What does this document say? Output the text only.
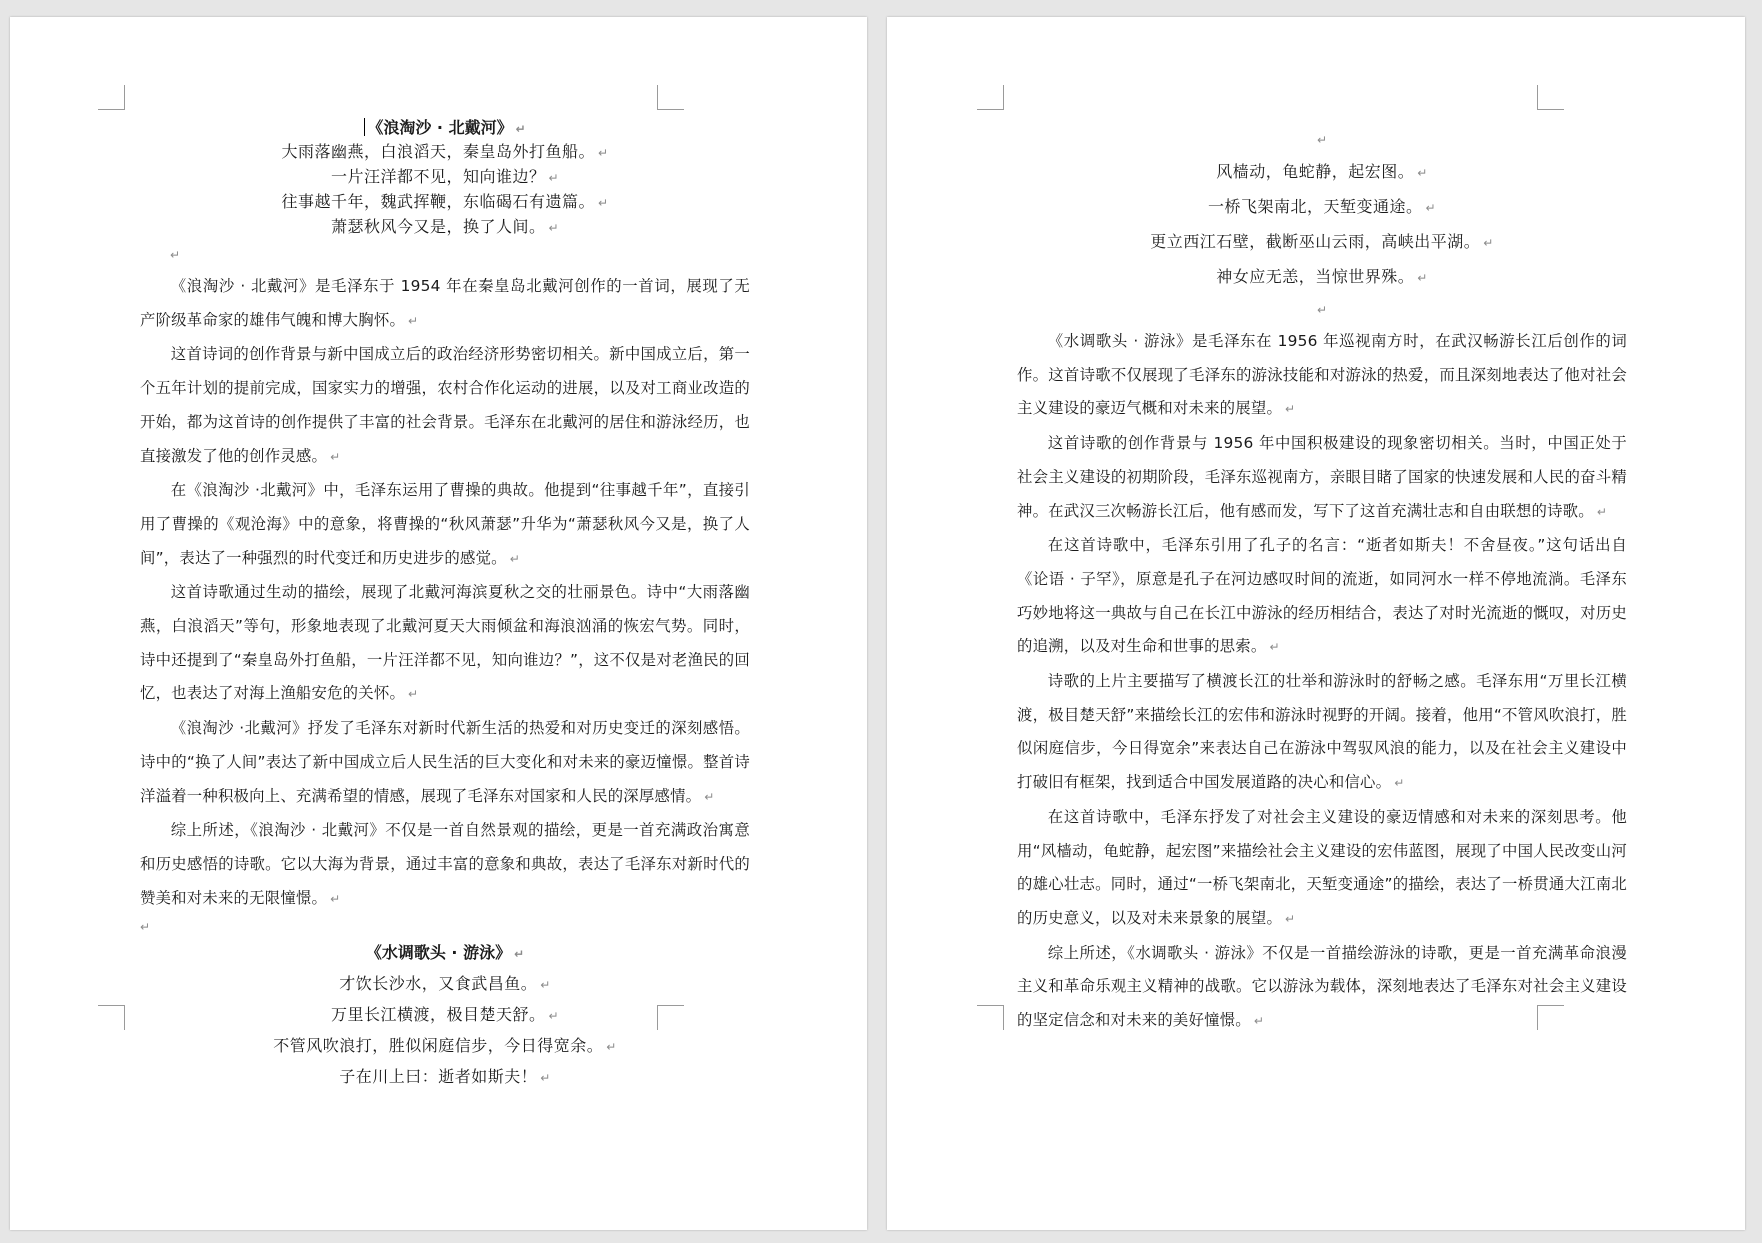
《浪淘沙 · 北戴河》 ↵
大雨落幽燕，白浪滔天，秦皇岛外打鱼船。 ↵
一片汪洋都不见，知向谁边？ ↵
往事越千年，魏武挥鞭，东临碣石有遗篇。 ↵
萧瑟秋风今又是，换了人间。 ↵
↵

《浪淘沙 · 北戴河》是毛泽东于 1954 年在秦皇岛北戴河创作的一首词，展现了无产阶级革命家的雄伟气魄和博大胸怀。 ↵

这首诗词的创作背景与新中国成立后的政治经济形势密切相关。新中国成立后，第一个五年计划的提前完成，国家实力的增强，农村合作化运动的进展，以及对工商业改造的开始，都为这首诗的创作提供了丰富的社会背景。毛泽东在北戴河的居住和游泳经历，也直接激发了他的创作灵感。 ↵

在《浪淘沙 ·北戴河》中，毛泽东运用了曹操的典故。他提到“往事越千年”，直接引用了曹操的《观沧海》中的意象，将曹操的“秋风萧瑟”升华为“萧瑟秋风今又是，换了人间”，表达了一种强烈的时代变迁和历史进步的感觉。 ↵

这首诗歌通过生动的描绘，展现了北戴河海滨夏秋之交的壮丽景色。诗中“大雨落幽燕，白浪滔天”等句，形象地表现了北戴河夏天大雨倾盆和海浪汹涌的恢宏气势。同时，诗中还提到了“秦皇岛外打鱼船，一片汪洋都不见，知向谁边？”，这不仅是对老渔民的回忆，也表达了对海上渔船安危的关怀。 ↵

《浪淘沙 ·北戴河》抒发了毛泽东对新时代新生活的热爱和对历史变迁的深刻感悟。诗中的“换了人间”表达了新中国成立后人民生活的巨大变化和对未来的豪迈憧憬。整首诗洋溢着一种积极向上、充满希望的情感，展现了毛泽东对国家和人民的深厚感情。 ↵

综上所述，《浪淘沙 · 北戴河》不仅是一首自然景观的描绘，更是一首充满政治寓意和历史感悟的诗歌。它以大海为背景，通过丰富的意象和典故，表达了毛泽东对新时代的赞美和对未来的无限憧憬。 ↵

↵
《水调歌头 · 游泳》 ↵
才饮长沙水，又食武昌鱼。 ↵
万里长江横渡，极目楚天舒。 ↵
不管风吹浪打，胜似闲庭信步，今日得宽余。 ↵
子在川上曰：逝者如斯夫！ ↵
↵
风樯动，龟蛇静，起宏图。 ↵
一桥飞架南北，天堑变通途。 ↵
更立西江石壁，截断巫山云雨，高峡出平湖。 ↵
神女应无恙，当惊世界殊。 ↵
↵

《水调歌头 · 游泳》是毛泽东在 1956 年巡视南方时，在武汉畅游长江后创作的词作。这首诗歌不仅展现了毛泽东的游泳技能和对游泳的热爱，而且深刻地表达了他对社会主义建设的豪迈气概和对未来的展望。 ↵

这首诗歌的创作背景与 1956 年中国积极建设的现象密切相关。当时，中国正处于社会主义建设的初期阶段，毛泽东巡视南方，亲眼目睹了国家的快速发展和人民的奋斗精神。在武汉三次畅游长江后，他有感而发，写下了这首充满壮志和自由联想的诗歌。 ↵

在这首诗歌中，毛泽东引用了孔子的名言：“逝者如斯夫！不舍昼夜。”这句话出自《论语 · 子罕》，原意是孔子在河边感叹时间的流逝，如同河水一样不停地流淌。毛泽东巧妙地将这一典故与自己在长江中游泳的经历相结合，表达了对时光流逝的慨叹，对历史的追溯，以及对生命和世事的思索。 ↵

诗歌的上片主要描写了横渡长江的壮举和游泳时的舒畅之感。毛泽东用“万里长江横渡，极目楚天舒”来描绘长江的宏伟和游泳时视野的开阔。接着，他用“不管风吹浪打，胜似闲庭信步，今日得宽余”来表达自己在游泳中驾驭风浪的能力，以及在社会主义建设中打破旧有框架，找到适合中国发展道路的决心和信心。 ↵

在这首诗歌中，毛泽东抒发了对社会主义建设的豪迈情感和对未来的深刻思考。他用“风樯动，龟蛇静，起宏图”来描绘社会主义建设的宏伟蓝图，展现了中国人民改变山河的雄心壮志。同时，通过“一桥飞架南北，天堑变通途”的描绘，表达了一桥贯通大江南北的历史意义，以及对未来景象的展望。 ↵

综上所述，《水调歌头 · 游泳》不仅是一首描绘游泳的诗歌，更是一首充满革命浪漫主义和革命乐观主义精神的战歌。它以游泳为载体，深刻地表达了毛泽东对社会主义建设的坚定信念和对未来的美好憧憬。 ↵
